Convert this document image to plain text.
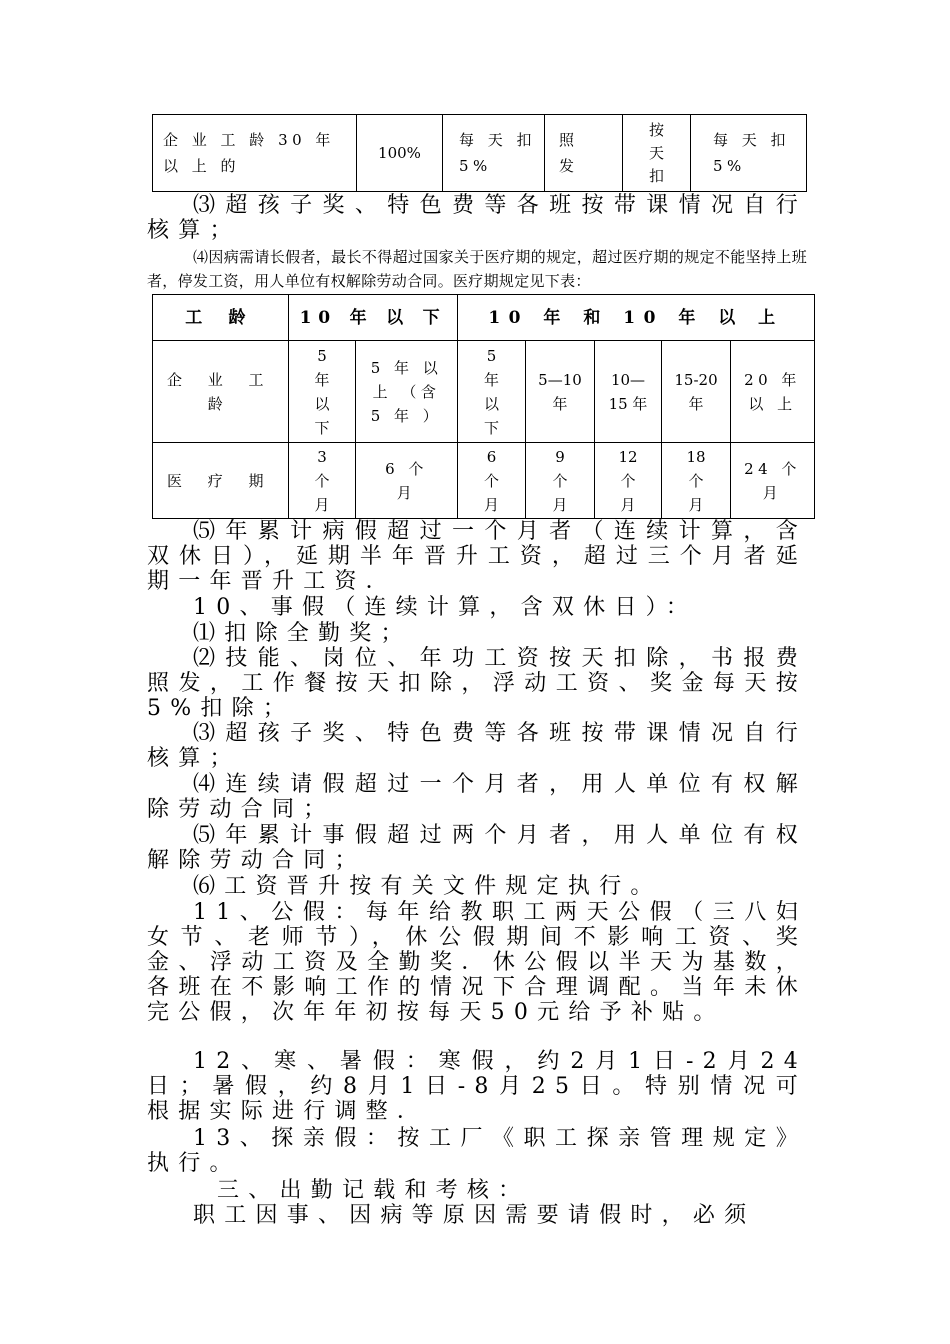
企 业 工 龄 30 年 以 上 的	100%	每 天 扣 5%	照 发	按 天 扣	每 天 扣 5%

⑶超孩子奖、特色费等各班按带课情况自行核算；

⑷因病需请长假者，最长不得超过国家关于医疗期的规定，超过医疗期的规定不能坚持上班者，停发工资，用人单位有权解除劳动合同。医疗期规定见下表：

工 龄	10 年 以 下		10 年 和 10 年 以 上				
企 业 工 龄	5 年 以 下	5 年 以 上 （含 5 年 ）	5 年 以 下	5—10 年	10—15 年	15-20 年	20 年 以 上
医 疗 期	3 个 月	6 个 月	6 个 月	9 个 月	12 个 月	18 个 月	24 个 月

⑸年累计病假超过一个月者（连续计算，含双休日），延期半年晋升工资，超过三个月者延期一年晋升工资．

10、事假（连续计算，含双休日）：

⑴扣除全勤奖；

⑵技能、岗位、年功工资按天扣除，书报费照发，工作餐按天扣除，浮动工资、奖金每天按5%扣除；

⑶超孩子奖、特色费等各班按带课情况自行核算；

⑷连续请假超过一个月者，用人单位有权解除劳动合同；

⑸年累计事假超过两个月者，用人单位有权解除劳动合同；

⑹工资晋升按有关文件规定执行。

11、公假：每年给教职工两天公假（三八妇女节、老师节），休公假期间不影响工资、奖金、浮动工资及全勤奖．休公假以半天为基数，各班在不影响工作的情况下合理调配。当年未休完公假，次年年初按每天50元给予补贴。

12、寒、暑假：寒假，约2月1日-2月24日；暑假，约8月1日-8月25日。特别情况可根据实际进行调整．

13、探亲假：按工厂《职工探亲管理规定》执行。

三、出勤记载和考核：

职工因事、因病等原因需要请假时，必须
